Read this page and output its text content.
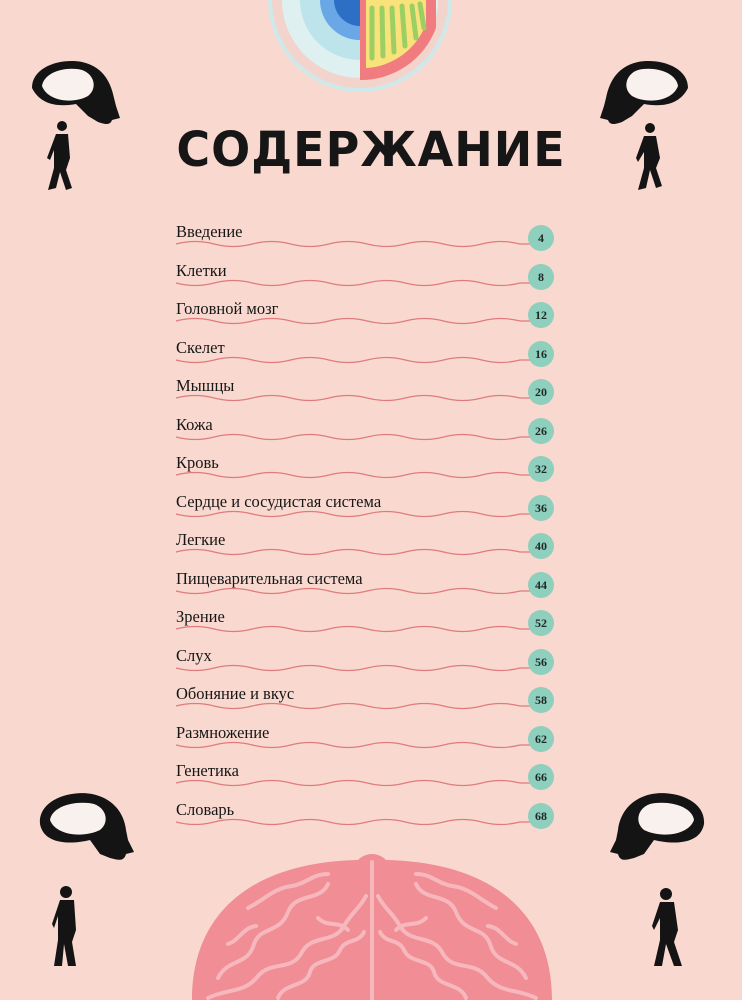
СОДЕРЖАНИЕ
Введение	4
Клетки	8
Головной мозг	12
Скелет	16
Мышцы	20
Кожа	26
Кровь	32
Сердце и сосудистая система	36
Легкие	40
Пищеварительная система	44
Зрение	52
Слух	56
Обоняние и вкус	58
Размножение	62
Генетика	66
Словарь	68
